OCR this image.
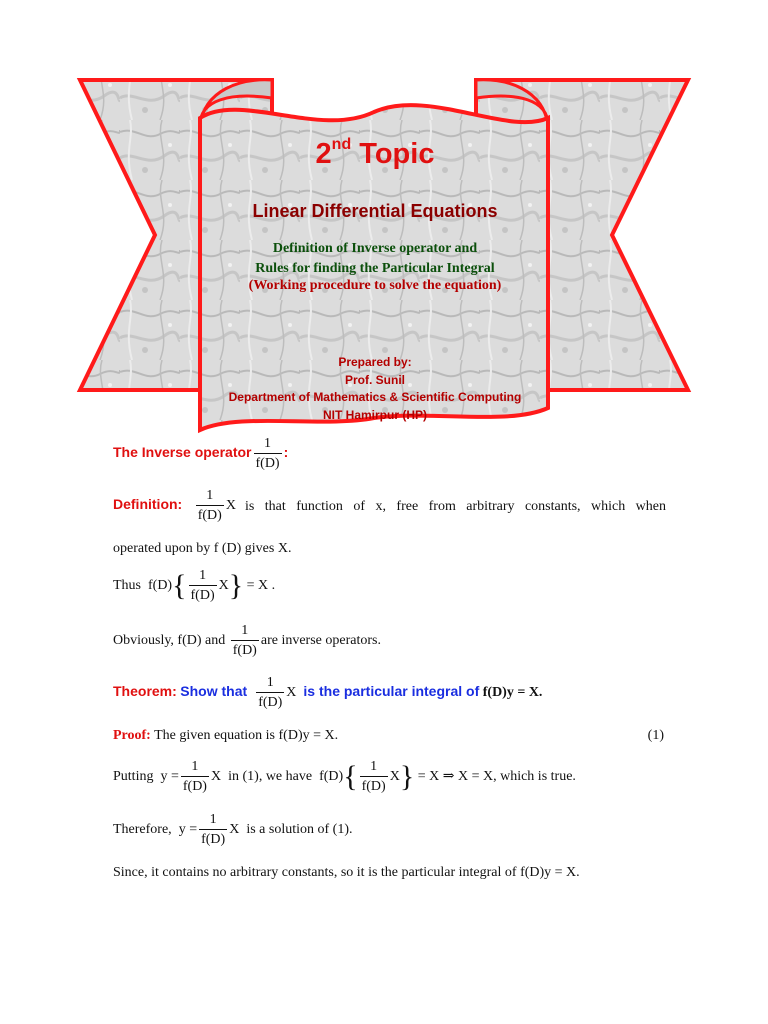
2nd Topic
Linear Differential Equations
Definition of Inverse operator and
Rules for finding the Particular Integral
(Working procedure to solve the equation)
Prepared by:
Prof. Sunil
Department of Mathematics & Scientific Computing
NIT Hamirpur (HP)
The Inverse operator $\frac{1}{f(D)}$ :
Definition: $\frac{1}{f(D)}$ X is that function of x, free from arbitrary constants, which when
operated upon by f (D) gives X.
Thus $f(D)\{ \frac{1}{f(D)} X\} = X$ .
Obviously, f(D) and $\frac{1}{f(D)}$ are inverse operators.
Theorem: Show that $\frac{1}{f(D)}$ X is the particular integral of f(D)y = X.
Proof: The given equation is f(D)y = X.	(1)
Putting $y = \frac{1}{f(D)}$ X in (1), we have $f(D)\{ \frac{1}{f(D)} X\} = X$ ⇒ X = X, which is true.
Therefore, $y = \frac{1}{f(D)}$ X is a solution of (1).
Since, it contains no arbitrary constants, so it is the particular integral of f(D)y = X.
